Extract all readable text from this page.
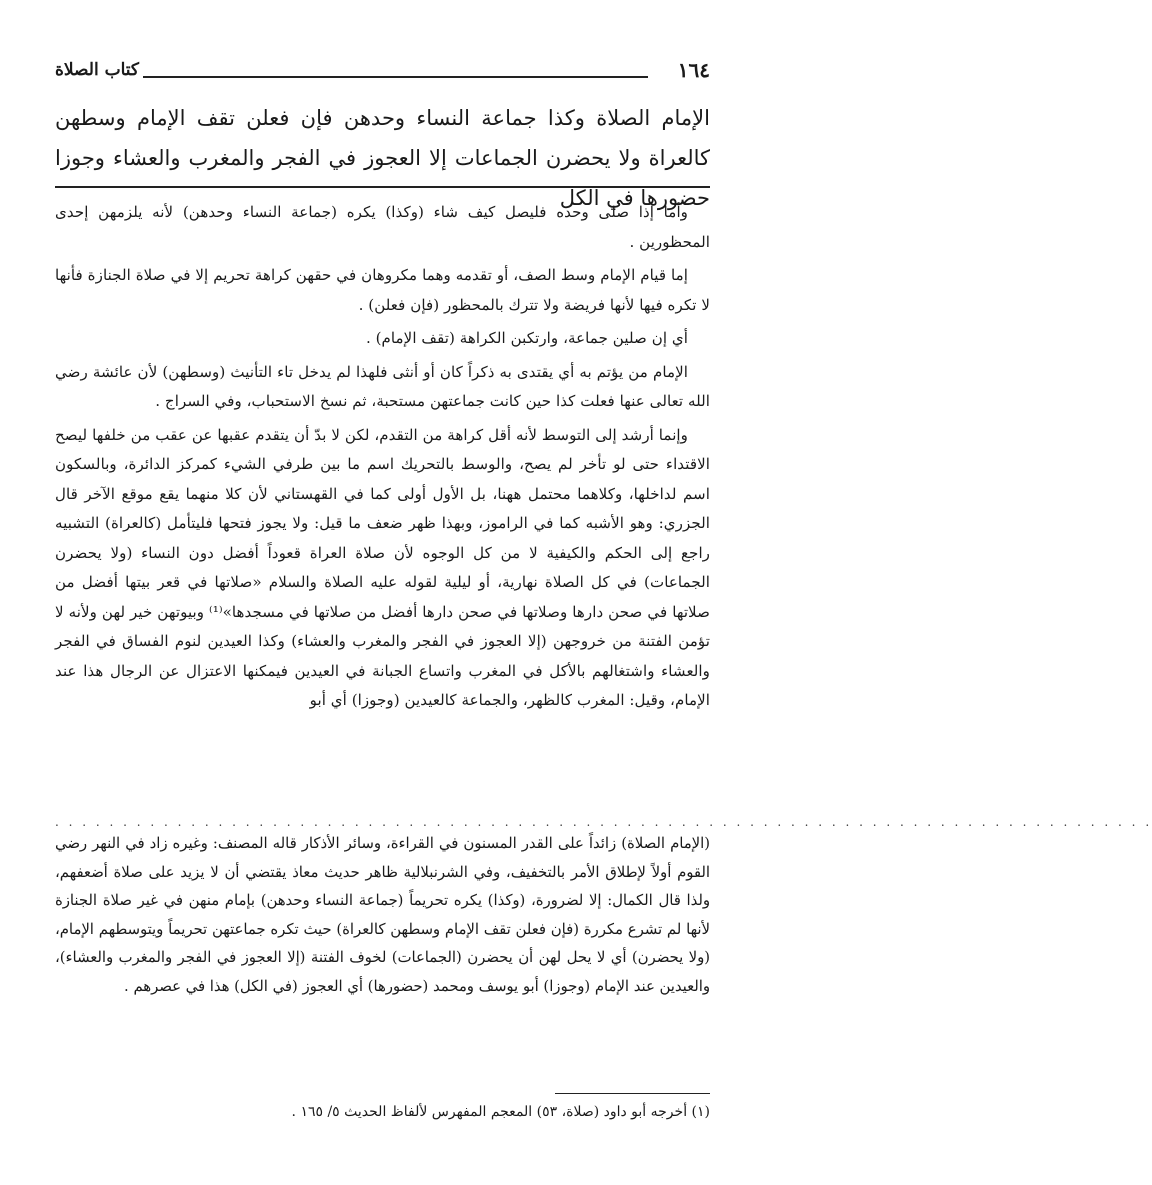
١٦٤
كتاب الصلاة
الإمام الصلاة وكذا جماعة النساء وحدهن فإن فعلن تقف الإمام وسطهن كالعراة ولا يحضرن الجماعات إلا العجوز في الفجر والمغرب والعشاء وجوزا حضورها في الكل

وأما إذا صلى وحده فليصل كيف شاء (وكذا) يكره (جماعة النساء وحدهن) لأنه يلزمهن إحدى المحظورين .

إما قيام الإمام وسط الصف، أو تقدمه وهما مكروهان في حقهن كراهة تحريم إلا في صلاة الجنازة فأنها لا تكره فيها لأنها فريضة ولا تترك بالمحظور (فإن فعلن) .

أي إن صلين جماعة، وارتكبن الكراهة (تقف الإمام) .

الإمام من يؤتم به أي يقتدى به ذكراً كان أو أنثى فلهذا لم يدخل تاء التأنيث (وسطهن) لأن عائشة رضي الله تعالى عنها فعلت كذا حين كانت جماعتهن مستحبة، ثم نسخ الاستحباب، وفي السراج .

وإنما أرشد إلى التوسط لأنه أقل كراهة من التقدم، لكن لا بدّ أن يتقدم عقبها عن عقب من خلفها ليصح الاقتداء حتى لو تأخر لم يصح، والوسط بالتحريك اسم ما بين طرفي الشيء كمركز الدائرة، وبالسكون اسم لداخلها، وكلاهما محتمل ههنا، بل الأول أولى كما في القهستاني لأن كلا منهما يقع موقع الآخر قال الجزري: وهو الأشبه كما في الراموز، وبهذا ظهر ضعف ما قيل: ولا يجوز فتحها فليتأمل (كالعراة) التشبيه راجع إلى الحكم والكيفية لا من كل الوجوه لأن صلاة العراة قعوداً أفضل دون النساء (ولا يحضرن الجماعات) في كل الصلاة نهارية، أو ليلية لقوله عليه الصلاة والسلام «صلاتها في قعر بيتها أفضل من صلاتها في صحن دارها وصلاتها في صحن دارها أفضل من صلاتها في مسجدها»⁽¹⁾ وبيوتهن خير لهن ولأنه لا تؤمن الفتنة من خروجهن (إلا العجوز في الفجر والمغرب والعشاء) وكذا العيدين لنوم الفساق في الفجر والعشاء واشتغالهم بالأكل في المغرب واتساع الجبانة في العيدين فيمكنها الاعتزال عن الرجال هذا عند الإمام، وقيل: المغرب كالظهر، والجماعة كالعيدين (وجوزا) أي أبو

. . . . . . . . . . . . . . . . . . . . . . . . . . . . . . . . . . . . . . . . . . . . . . . . . . . . . . . . . . . . . . . . . . . . . . . . . . . . . . . . .
(الإمام الصلاة) زائداً على القدر المسنون في القراءة، وسائر الأذكار قاله المصنف: وغيره زاد في النهر رضي القوم أولاً لإطلاق الأمر بالتخفيف، وفي الشرنبلالية ظاهر حديث معاذ يقتضي أن لا يزيد على صلاة أضعفهم، ولذا قال الكمال: إلا لضرورة، (وكذا) يكره تحريماً (جماعة النساء وحدهن) بإمام منهن في غير صلاة الجنازة لأنها لم تشرع مكررة (فإن فعلن تقف الإمام وسطهن كالعراة) حيث تكره جماعتهن تحريماً ويتوسطهم الإمام، (ولا يحضرن) أي لا يحل لهن أن يحضرن (الجماعات) لخوف الفتنة (إلا العجوز في الفجر والمغرب والعشاء)، والعيدين عند الإمام (وجوزا) أبو يوسف ومحمد (حضورها) أي العجوز (في الكل) هذا في عصرهم .
(١) أخرجه أبو داود (صلاة، ٥٣) المعجم المفهرس لألفاظ الحديث ٥/ ١٦٥ .
